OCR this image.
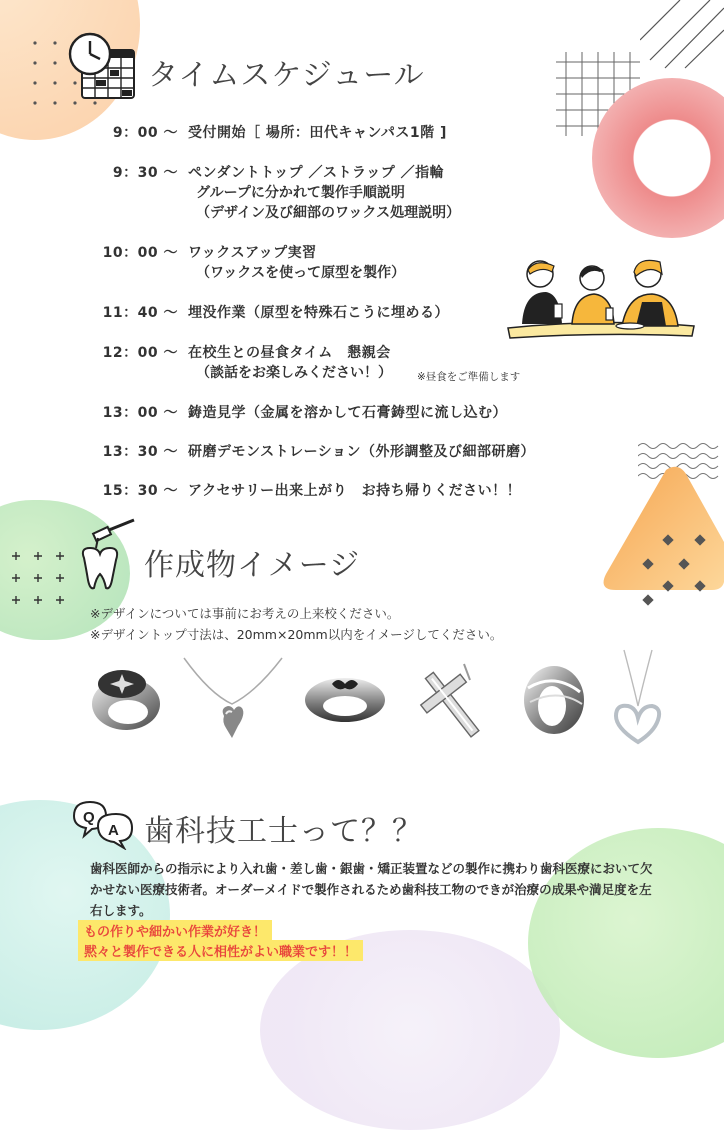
タイムスケジュール
9：00 ～ 受付開始［ 場所：田代キャンパス1階 ]
9：30 ～ ペンダントトップ ／ストラップ ／指輪
グループに分かれて製作手順説明
（デザイン及び細部のワックス処理説明）
10：00 ～ ワックスアップ実習
（ワックスを使って原型を製作）
11：40 ～ 埋没作業（原型を特殊石こうに埋める）
12：00 ～ 在校生との昼食タイム　懇親会
（談話をお楽しみください！）
13：00 ～ 鋳造見学（金属を溶かして石膏鋳型に流し込む）
13：30 ～ 研磨デモンストレーション（外形調整及び細部研磨）
15：30 ～ アクセサリー出来上がり　お持ち帰りください！！
※昼食をご準備します
作成物イメージ
※デザインについては事前にお考えの上来校ください。
※デザイントップ寸法は、20mm×20mm以内をイメージしてください。
Q
A 歯科技工士って？？
歯科医師からの指示により入れ歯・差し歯・銀歯・矯正装置などの製作に携わり歯科医療において欠かせない医療技術者。オーダーメイドで製作されるため歯科技工物のできが治療の成果や満足度を左右します。
もの作りや細かい作業が好き！
黙々と製作できる人に相性がよい職業です！！
